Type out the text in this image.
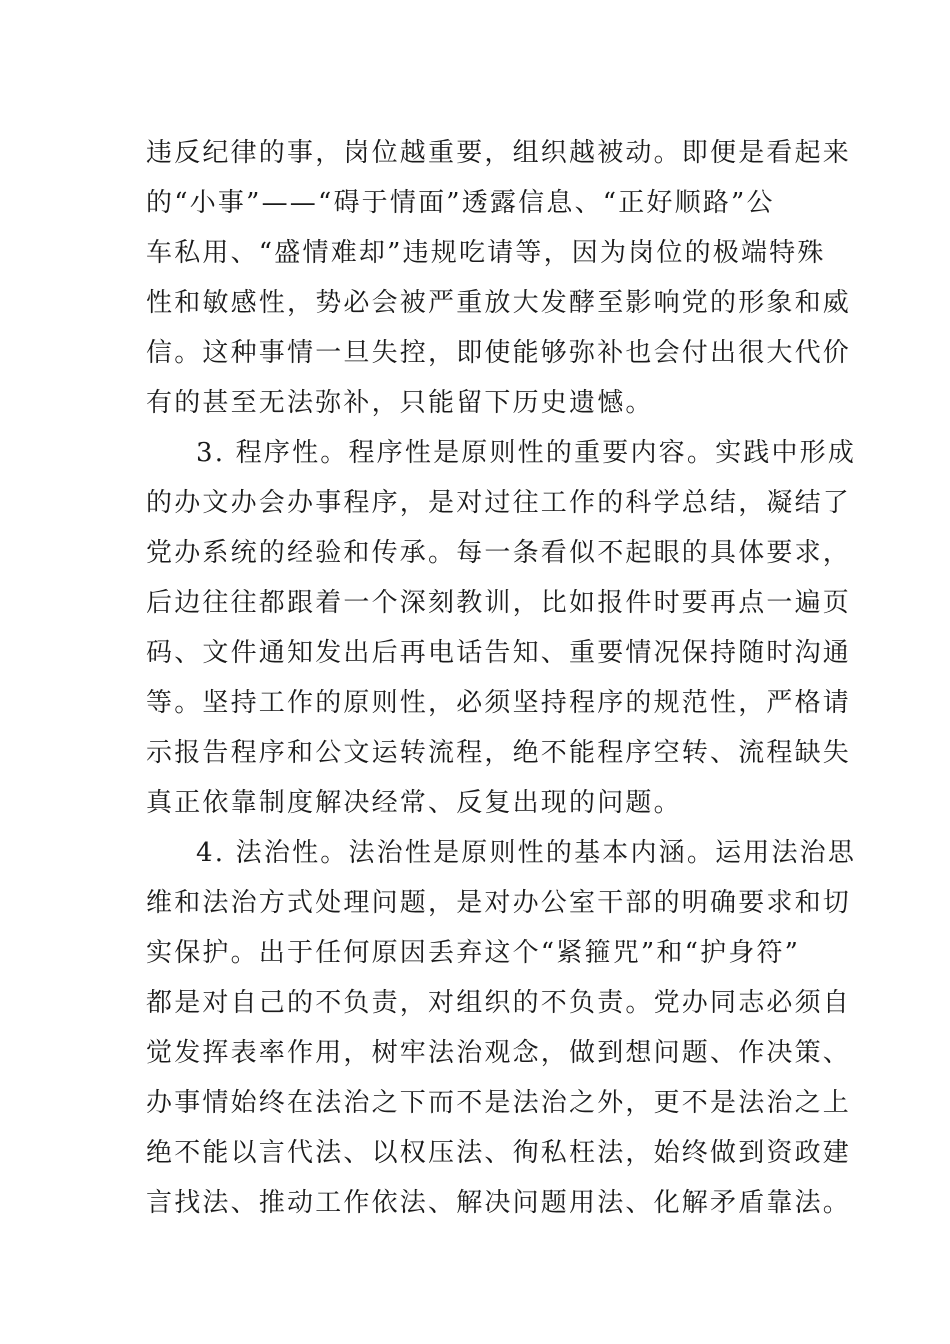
违反纪律的事，岗位越重要，组织越被动。即便是看起来
的“小事”——“碍于情面”透露信息、“正好顺路”公
车私用、“盛情难却”违规吃请等，因为岗位的极端特殊
性和敏感性，势必会被严重放大发酵至影响党的形象和威
信。这种事情一旦失控，即使能够弥补也会付出很大代价
有的甚至无法弥补，只能留下历史遗憾。
3. 程序性。程序性是原则性的重要内容。实践中形成
的办文办会办事程序，是对过往工作的科学总结，凝结了
党办系统的经验和传承。每一条看似不起眼的具体要求，
后边往往都跟着一个深刻教训，比如报件时要再点一遍页
码、文件通知发出后再电话告知、重要情况保持随时沟通
等。坚持工作的原则性，必须坚持程序的规范性，严格请
示报告程序和公文运转流程，绝不能程序空转、流程缺失
真正依靠制度解决经常、反复出现的问题。
4. 法治性。法治性是原则性的基本内涵。运用法治思
维和法治方式处理问题，是对办公室干部的明确要求和切
实保护。出于任何原因丢弃这个“紧箍咒”和“护身符”
都是对自己的不负责，对组织的不负责。党办同志必须自
觉发挥表率作用，树牢法治观念，做到想问题、作决策、
办事情始终在法治之下而不是法治之外，更不是法治之上
绝不能以言代法、以权压法、徇私枉法，始终做到资政建
言找法、推动工作依法、解决问题用法、化解矛盾靠法。
